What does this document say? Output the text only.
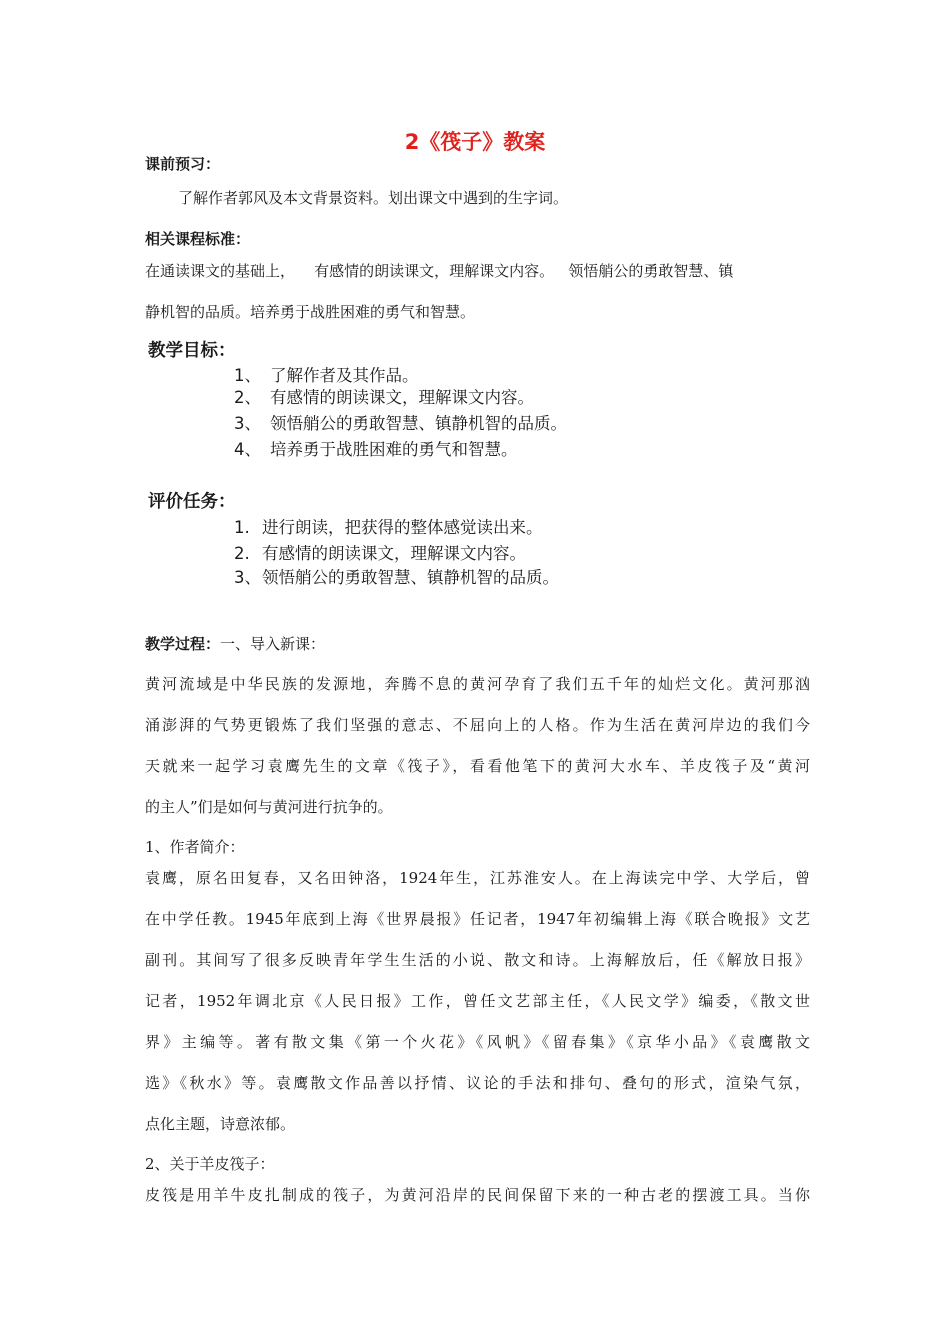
2《筏子》教案
课前预习：
了解作者郭风及本文背景资料。划出课文中遇到的生字词。
相关课程标准：
在通读课文的基础上，    有感情的朗读课文，理解课文内容。   领悟艄公的勇敢智慧、镇
静机智的品质。培养勇于战胜困难的勇气和智慧。
教学目标：
1、 了解作者及其作品。
2、 有感情的朗读课文，理解课文内容。
3、 领悟艄公的勇敢智慧、镇静机智的品质。
4、 培养勇于战胜困难的勇气和智慧。
评价任务：
1. 进行朗读，把获得的整体感觉读出来。
2. 有感情的朗读课文，理解课文内容。
3、领悟艄公的勇敢智慧、镇静机智的品质。
教学过程：一、导入新课：
黄河流域是中华民族的发源地，奔腾不息的黄河孕育了我们五千年的灿烂文化。黄河那汹
涌澎湃的气势更锻炼了我们坚强的意志、不屈向上的人格。作为生活在黄河岸边的我们今
天就来一起学习袁鹰先生的文章《筏子》，看看他笔下的黄河大水车、羊皮筏子及“黄河
的主人”们是如何与黄河进行抗争的。
1、作者简介：
袁鹰，原名田复春，又名田钟洛，1924年生，江苏淮安人。在上海读完中学、大学后，曾
在中学任教。1945年底到上海《世界晨报》任记者，1947年初编辑上海《联合晚报》文艺
副刊。其间写了很多反映青年学生生活的小说、散文和诗。上海解放后，任《解放日报》
记者，1952年调北京《人民日报》工作，曾任文艺部主任，《人民文学》编委，《散文世
界》主编等。著有散文集《第一个火花》《风帆》《留春集》《京华小品》《袁鹰散文
选》《秋水》等。袁鹰散文作品善以抒情、议论的手法和排句、叠句的形式，渲染气氛，
点化主题，诗意浓郁。
2、关于羊皮筏子：
皮筏是用羊牛皮扎制成的筏子，为黄河沿岸的民间保留下来的一种古老的摆渡工具。当你
